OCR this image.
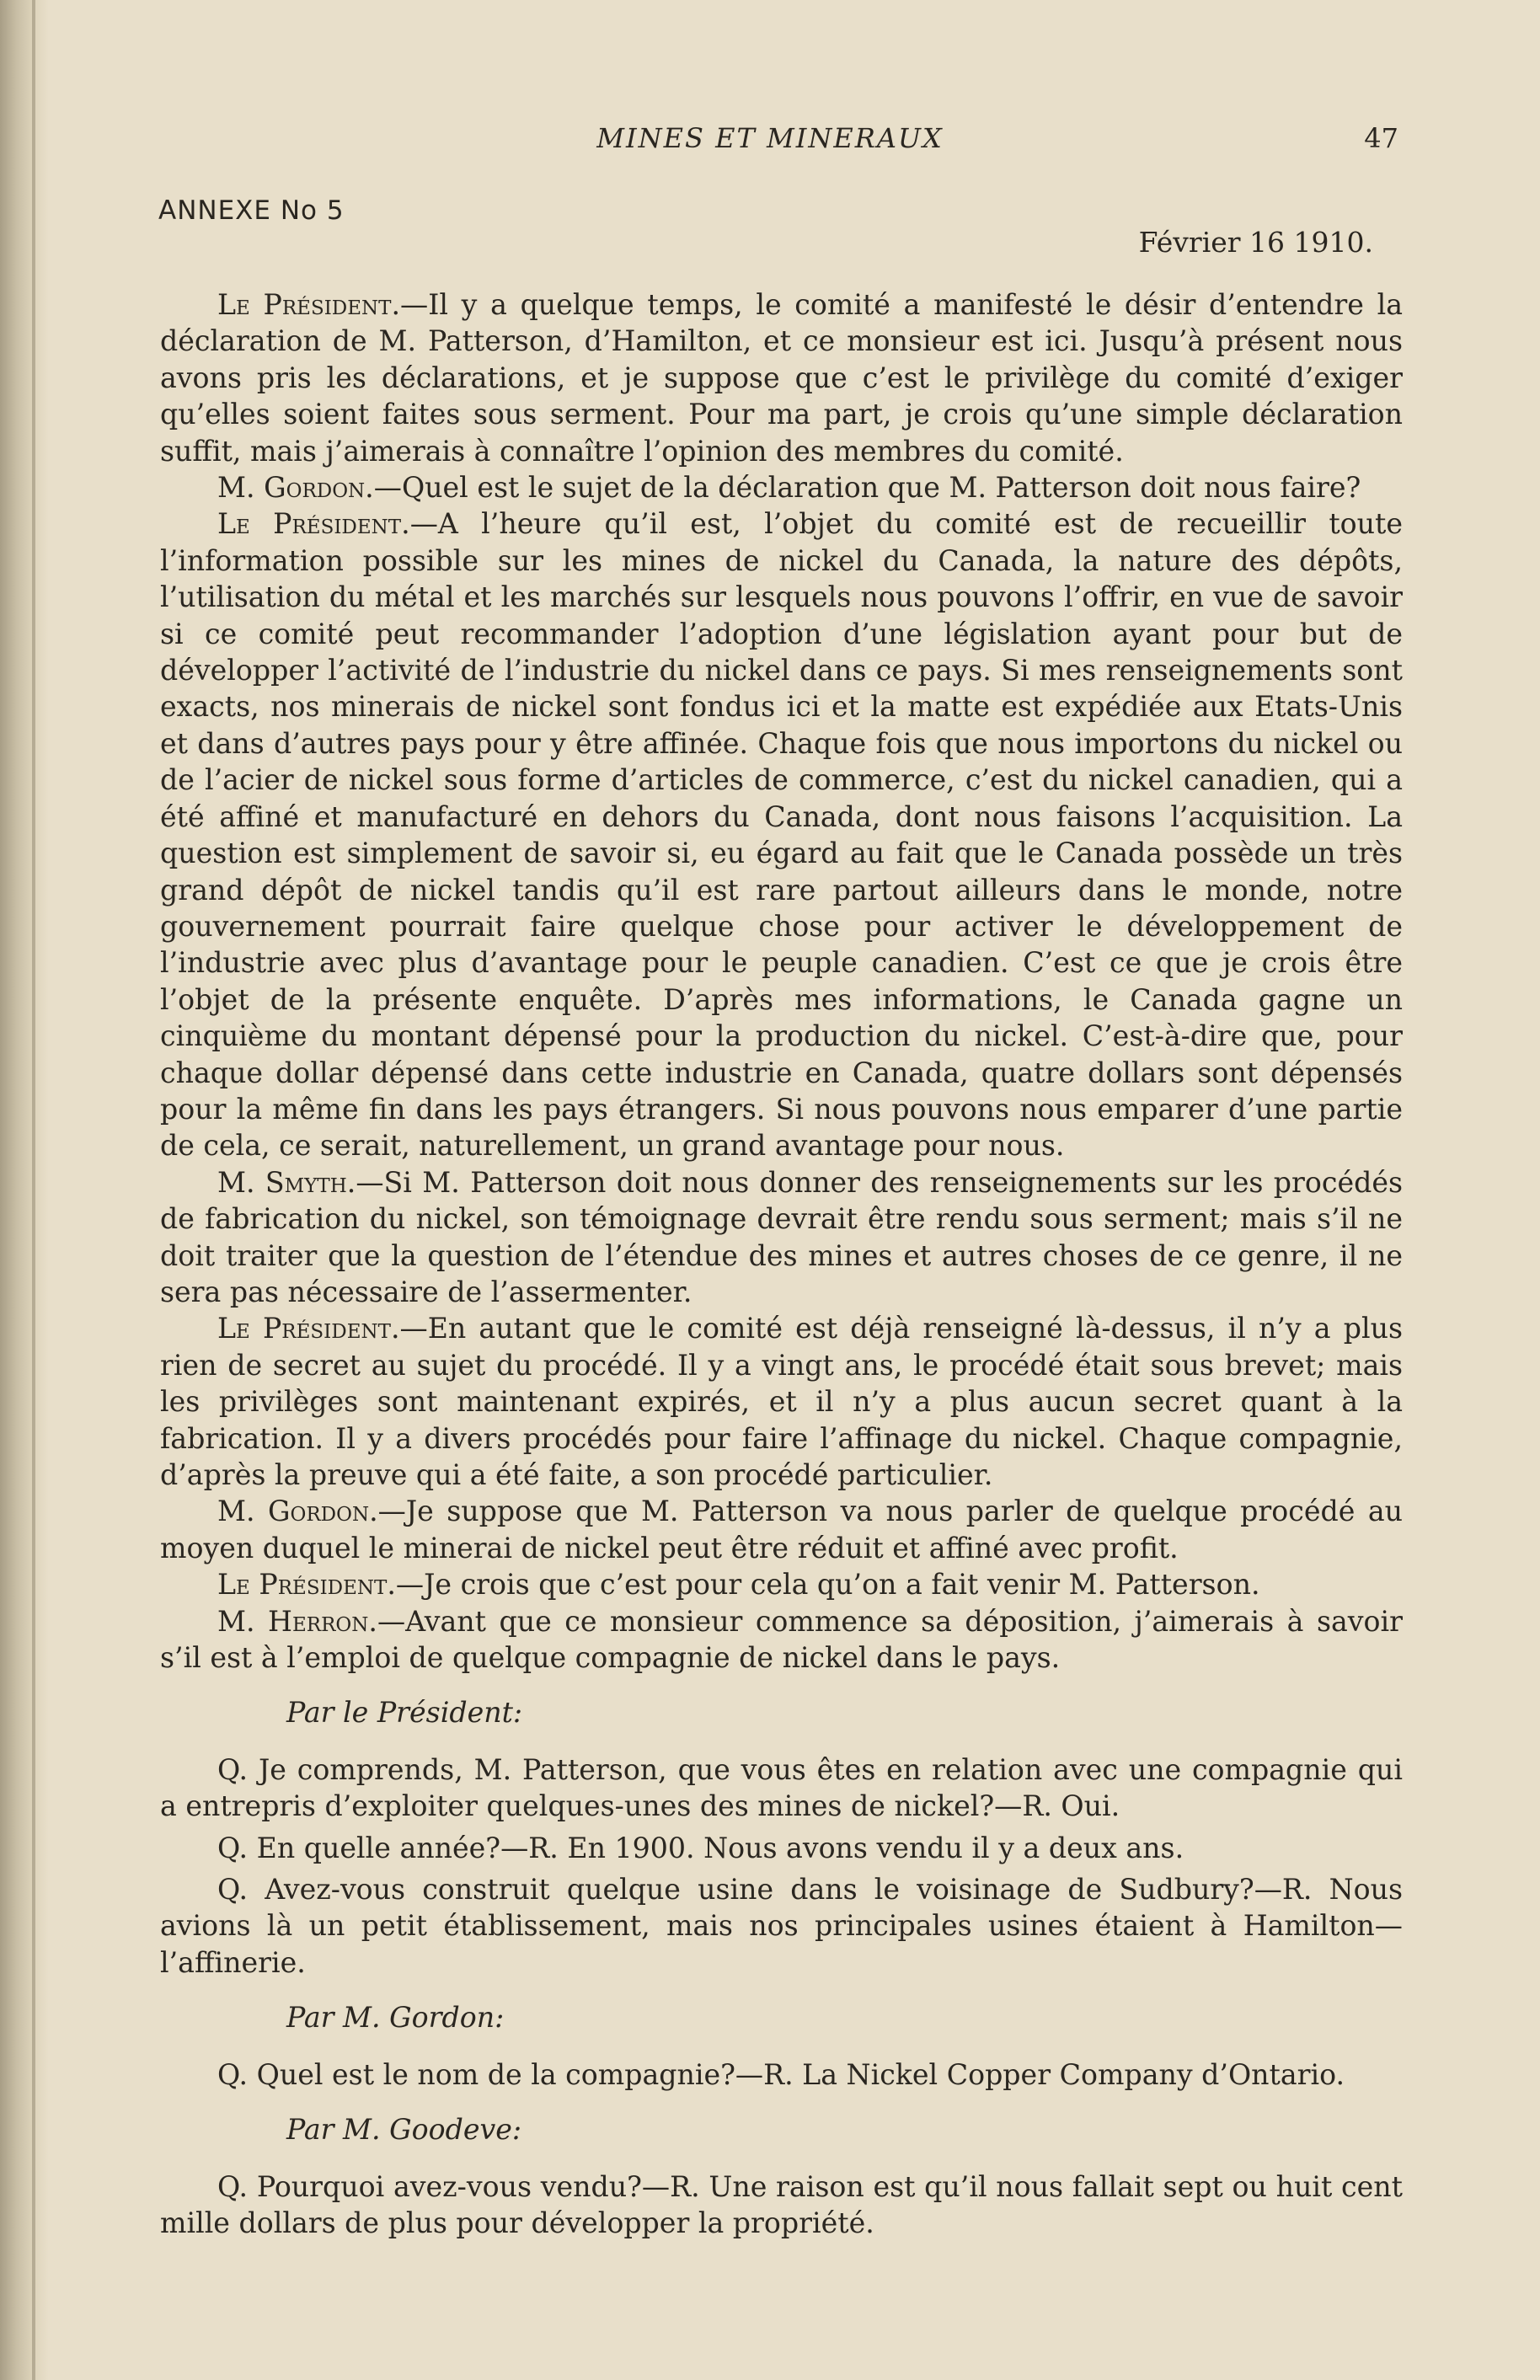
MINES ET MINERAUX	47
ANNEXE No 5
Février 16 1910.

Le Président.—Il y a quelque temps, le comité a manifesté le désir d’entendre la déclaration de M. Patterson, d’Hamilton, et ce monsieur est ici. Jusqu’à présent nous avons pris les déclarations, et je suppose que c’est le privilège du comité d’exiger qu’elles soient faites sous serment. Pour ma part, je crois qu’une simple déclaration suffit, mais j’aimerais à connaître l’opinion des membres du comité.

M. Gordon.—Quel est le sujet de la déclaration que M. Patterson doit nous faire?

Le Président.—A l’heure qu’il est, l’objet du comité est de recueillir toute l’information possible sur les mines de nickel du Canada, la nature des dépôts, l’utilisation du métal et les marchés sur lesquels nous pouvons l’offrir, en vue de savoir si ce comité peut recommander l’adoption d’une législation ayant pour but de développer l’activité de l’industrie du nickel dans ce pays. Si mes renseignements sont exacts, nos minerais de nickel sont fondus ici et la matte est expédiée aux Etats-Unis et dans d’autres pays pour y être affinée. Chaque fois que nous importons du nickel ou de l’acier de nickel sous forme d’articles de commerce, c’est du nickel canadien, qui a été affiné et manufacturé en dehors du Canada, dont nous faisons l’acquisition. La question est simplement de savoir si, eu égard au fait que le Canada possède un très grand dépôt de nickel tandis qu’il est rare partout ailleurs dans le monde, notre gouvernement pourrait faire quelque chose pour activer le développement de l’industrie avec plus d’avantage pour le peuple canadien. C’est ce que je crois être l’objet de la présente enquête. D’après mes informations, le Canada gagne un cinquième du montant dépensé pour la production du nickel. C’est-à-dire que, pour chaque dollar dépensé dans cette industrie en Canada, quatre dollars sont dépensés pour la même fin dans les pays étrangers. Si nous pouvons nous emparer d’une partie de cela, ce serait, naturellement, un grand avantage pour nous.

M. Smyth.—Si M. Patterson doit nous donner des renseignements sur les procédés de fabrication du nickel, son témoignage devrait être rendu sous serment; mais s’il ne doit traiter que la question de l’étendue des mines et autres choses de ce genre, il ne sera pas nécessaire de l’assermenter.

Le Président.—En autant que le comité est déjà renseigné là-dessus, il n’y a plus rien de secret au sujet du procédé. Il y a vingt ans, le procédé était sous brevet; mais les privilèges sont maintenant expirés, et il n’y a plus aucun secret quant à la fabrication. Il y a divers procédés pour faire l’affinage du nickel. Chaque compagnie, d’après la preuve qui a été faite, a son procédé particulier.

M. Gordon.—Je suppose que M. Patterson va nous parler de quelque procédé au moyen duquel le minerai de nickel peut être réduit et affiné avec profit.

Le Président.—Je crois que c’est pour cela qu’on a fait venir M. Patterson.

M. Herron.—Avant que ce monsieur commence sa déposition, j’aimerais à savoir s’il est à l’emploi de quelque compagnie de nickel dans le pays.

Par le Président:

Q. Je comprends, M. Patterson, que vous êtes en relation avec une compagnie qui a entrepris d’exploiter quelques-unes des mines de nickel?—R. Oui.

Q. En quelle année?—R. En 1900. Nous avons vendu il y a deux ans.

Q. Avez-vous construit quelque usine dans le voisinage de Sudbury?—R. Nous avions là un petit établissement, mais nos principales usines étaient à Hamilton—l’affinerie.

Par M. Gordon:

Q. Quel est le nom de la compagnie?—R. La Nickel Copper Company d’Ontario.

Par M. Goodeve:

Q. Pourquoi avez-vous vendu?—R. Une raison est qu’il nous fallait sept ou huit cent mille dollars de plus pour développer la propriété.
